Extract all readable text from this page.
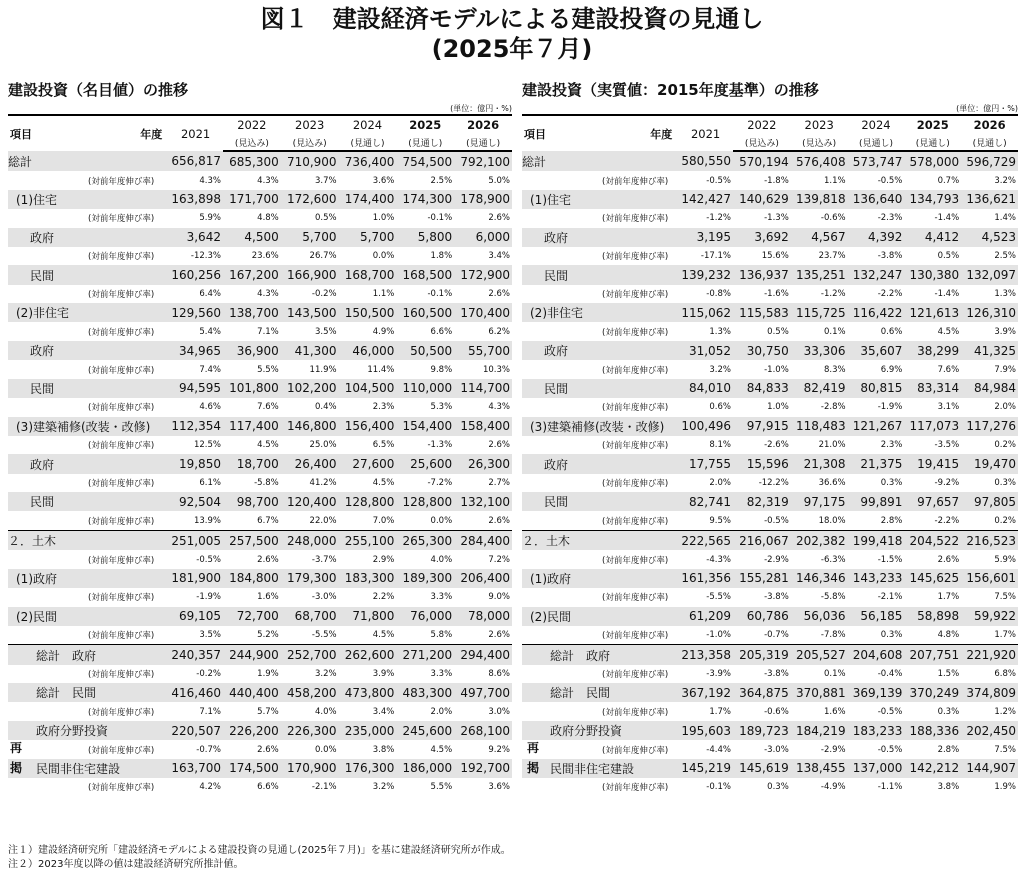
図１　建設経済モデルによる建設投資の見通し
(2025年７月)
建設投資（名目値）の推移
(単位：億円・%)
項目 年度	2021	2022	2023	2024	2025	2026
		(見込み)	(見込み)	(見通し)	(見通し)	(見通し)
総計	656,817	685,300	710,900	736,400	754,500	792,100
(対前年度伸び率)	4.3%	4.3%	3.7%	3.6%	2.5%	5.0%
(1)住宅	163,898	171,700	172,600	174,400	174,300	178,900
(対前年度伸び率)	5.9%	4.8%	0.5%	1.0%	-0.1%	2.6%
政府	3,642	4,500	5,700	5,700	5,800	6,000
(対前年度伸び率)	-12.3%	23.6%	26.7%	0.0%	1.8%	3.4%
民間	160,256	167,200	166,900	168,700	168,500	172,900
(対前年度伸び率)	6.4%	4.3%	-0.2%	1.1%	-0.1%	2.6%
(2)非住宅	129,560	138,700	143,500	150,500	160,500	170,400
(対前年度伸び率)	5.4%	7.1%	3.5%	4.9%	6.6%	6.2%
政府	34,965	36,900	41,300	46,000	50,500	55,700
(対前年度伸び率)	7.4%	5.5%	11.9%	11.4%	9.8%	10.3%
民間	94,595	101,800	102,200	104,500	110,000	114,700
(対前年度伸び率)	4.6%	7.6%	0.4%	2.3%	5.3%	4.3%
(3)建築補修(改装・改修)	112,354	117,400	146,800	156,400	154,400	158,400
(対前年度伸び率)	12.5%	4.5%	25.0%	6.5%	-1.3%	2.6%
政府	19,850	18,700	26,400	27,600	25,600	26,300
(対前年度伸び率)	6.1%	-5.8%	41.2%	4.5%	-7.2%	2.7%
民間	92,504	98,700	120,400	128,800	128,800	132,100
(対前年度伸び率)	13.9%	6.7%	22.0%	7.0%	0.0%	2.6%
２．土木	251,005	257,500	248,000	255,100	265,300	284,400
(対前年度伸び率)	-0.5%	2.6%	-3.7%	2.9%	4.0%	7.2%
(1)政府	181,900	184,800	179,300	183,300	189,300	206,400
(対前年度伸び率)	-1.9%	1.6%	-3.0%	2.2%	3.3%	9.0%
(2)民間	69,105	72,700	68,700	71,800	76,000	78,000
(対前年度伸び率)	3.5%	5.2%	-5.5%	4.5%	5.8%	2.6%
総計　政府	240,357	244,900	252,700	262,600	271,200	294,400
(対前年度伸び率)	-0.2%	1.9%	3.2%	3.9%	3.3%	8.6%
総計　民間	416,460	440,400	458,200	473,800	483,300	497,700
(対前年度伸び率)	7.1%	5.7%	4.0%	3.4%	2.0%	3.0%
政府分野投資	220,507	226,200	226,300	235,000	245,600	268,100
(対前年度伸び率)	-0.7%	2.6%	0.0%	3.8%	4.5%	9.2%
民間非住宅建設	163,700	174,500	170,900	176,300	186,000	192,700
(対前年度伸び率)	4.2%	6.6%	-2.1%	3.2%	5.5%	3.6%
建設投資（実質値：2015年度基準）の推移
(単位：億円・%)
項目 年度	2021	2022	2023	2024	2025	2026
		(見込み)	(見込み)	(見通し)	(見通し)	(見通し)
総計	580,550	570,194	576,408	573,747	578,000	596,729
(対前年度伸び率)	-0.5%	-1.8%	1.1%	-0.5%	0.7%	3.2%
(1)住宅	142,427	140,629	139,818	136,640	134,793	136,621
(対前年度伸び率)	-1.2%	-1.3%	-0.6%	-2.3%	-1.4%	1.4%
政府	3,195	3,692	4,567	4,392	4,412	4,523
(対前年度伸び率)	-17.1%	15.6%	23.7%	-3.8%	0.5%	2.5%
民間	139,232	136,937	135,251	132,247	130,380	132,097
(対前年度伸び率)	-0.8%	-1.6%	-1.2%	-2.2%	-1.4%	1.3%
(2)非住宅	115,062	115,583	115,725	116,422	121,613	126,310
(対前年度伸び率)	1.3%	0.5%	0.1%	0.6%	4.5%	3.9%
政府	31,052	30,750	33,306	35,607	38,299	41,325
(対前年度伸び率)	3.2%	-1.0%	8.3%	6.9%	7.6%	7.9%
民間	84,010	84,833	82,419	80,815	83,314	84,984
(対前年度伸び率)	0.6%	1.0%	-2.8%	-1.9%	3.1%	2.0%
(3)建築補修(改装・改修)	100,496	97,915	118,483	121,267	117,073	117,276
(対前年度伸び率)	8.1%	-2.6%	21.0%	2.3%	-3.5%	0.2%
政府	17,755	15,596	21,308	21,375	19,415	19,470
(対前年度伸び率)	2.0%	-12.2%	36.6%	0.3%	-9.2%	0.3%
民間	82,741	82,319	97,175	99,891	97,657	97,805
(対前年度伸び率)	9.5%	-0.5%	18.0%	2.8%	-2.2%	0.2%
２．土木	222,565	216,067	202,382	199,418	204,522	216,523
(対前年度伸び率)	-4.3%	-2.9%	-6.3%	-1.5%	2.6%	5.9%
(1)政府	161,356	155,281	146,346	143,233	145,625	156,601
(対前年度伸び率)	-5.5%	-3.8%	-5.8%	-2.1%	1.7%	7.5%
(2)民間	61,209	60,786	56,036	56,185	58,898	59,922
(対前年度伸び率)	-1.0%	-0.7%	-7.8%	0.3%	4.8%	1.7%
総計　政府	213,358	205,319	205,527	204,608	207,751	221,920
(対前年度伸び率)	-3.9%	-3.8%	0.1%	-0.4%	1.5%	6.8%
総計　民間	367,192	364,875	370,881	369,139	370,249	374,809
(対前年度伸び率)	1.7%	-0.6%	1.6%	-0.5%	0.3%	1.2%
政府分野投資	195,603	189,723	184,219	183,233	188,336	202,450
(対前年度伸び率)	-4.4%	-3.0%	-2.9%	-0.5%	2.8%	7.5%
民間非住宅建設	145,219	145,619	138,455	137,000	142,212	144,907
(対前年度伸び率)	-0.1%	0.3%	-4.9%	-1.1%	3.8%	1.9%
再
掲
再
掲
注１）建設経済研究所「建設経済モデルによる建設投資の見通し(2025年７月)」を基に建設経済研究所が作成。
注２）2023年度以降の値は建設経済研究所推計値。
